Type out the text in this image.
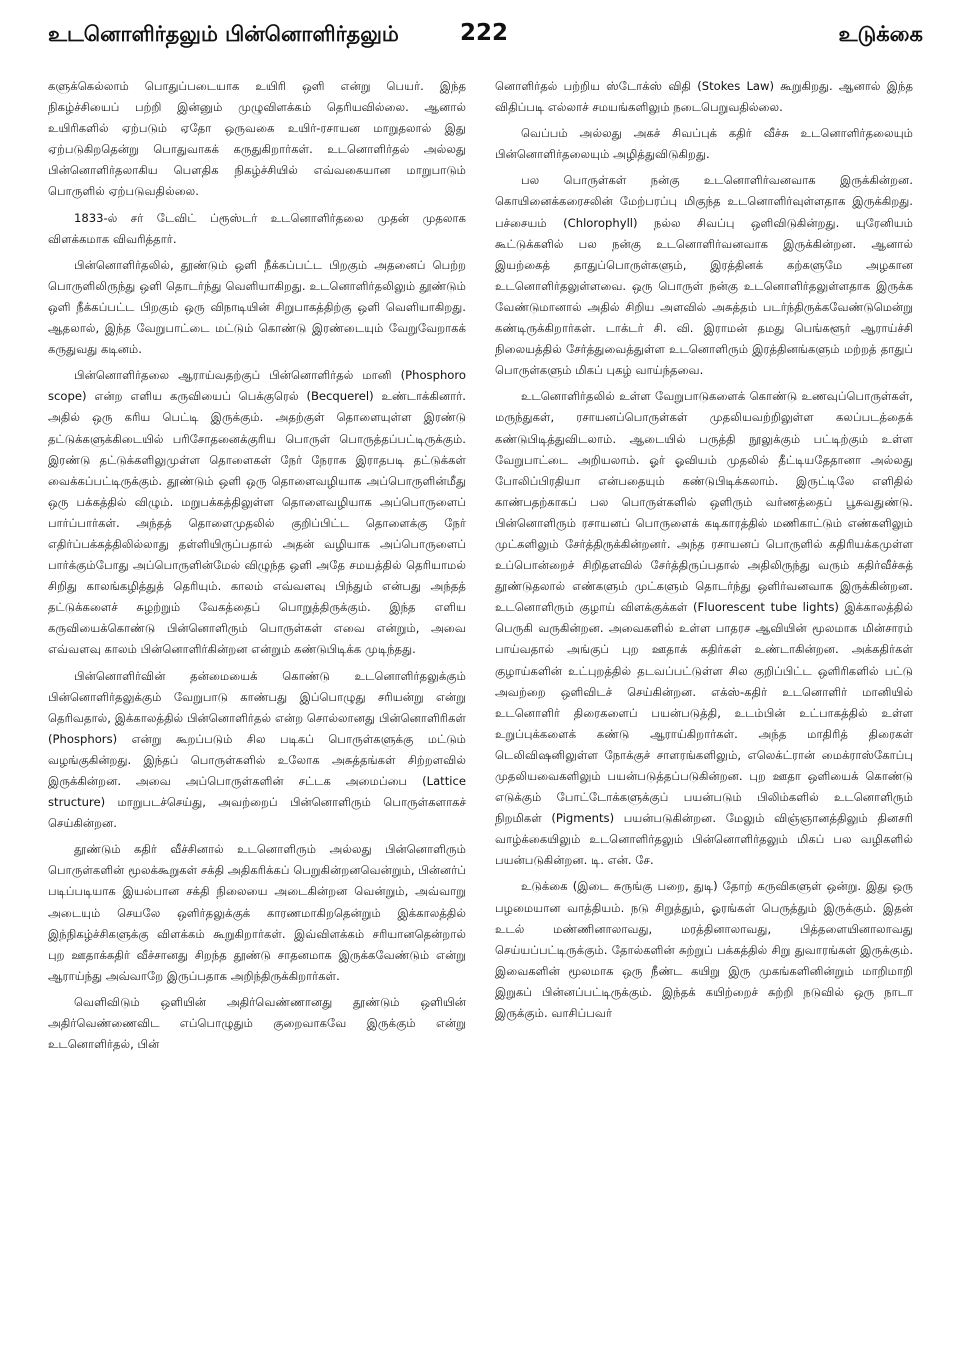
உடனொளிர்தலும் பின்னொளிர்தலும்	222	உடுக்கை

களுக்கெல்லாம் பொதுப்படையாக உயிரி ஒளி என்று பெயர். இந்த நிகழ்ச்சியைப் பற்றி இன்னும் முழுவிளக்கம் தெரியவில்லை. ஆனால் உயிரிகளில் ஏற்படும் ஏதோ ஒருவகை உயிர்-ரசாயன மாறுதலால் இது ஏற்படுகிறதென்று பொதுவாகக் கருதுகிறார்கள். உடனொளிர்தல் அல்லது பின்னொளிர்தலாகிய பௌதிக நிகழ்ச்சியில் எவ்வகையான மாறுபாடும் பொருளில் ஏற்படுவதில்லை.

1833-ல் சர் டேவிட் ப்ரூஸ்டர் உடனொளிர்தலை முதன் முதலாக விளக்கமாக விவரித்தார்.

பின்னொளிர்தலில், தூண்டும் ஒளி நீக்கப்பட்ட பிறகும் அதனைப் பெற்ற பொருளிலிருந்து ஒளி தொடர்ந்து வெளியாகிறது. உடனொளிர்தலிலும் தூண்டும் ஒளி நீக்கப்பட்ட பிறகும் ஒரு விநாடியின் சிறுபாகத்திற்கு ஒளி வெளியாகிறது. ஆதலால், இந்த வேறுபாட்டை மட்டும் கொண்டு இரண்டையும் வேறுவேறாகக் கருதுவது கடினம்.

பின்னொளிர்தலை ஆராய்வதற்குப் பின்னொளிர்தல் மானி (Phosphoro scope) என்ற எளிய கருவியைப் பெக்குரெல் (Becquerel) உண்டாக்கினார். அதில் ஒரு கரிய பெட்டி இருக்கும். அதற்குள் தொளையுள்ள இரண்டு தட்டுக்களுக்கிடையில் பரிசோதனைக்குரிய பொருள் பொருத்தப்பட்டிருக்கும். இரண்டு தட்டுக்களிலுமுள்ள தொளைகள் நேர் நேராக இராதபடி தட்டுக்கள் வைக்கப்பட்டிருக்கும். தூண்டும் ஒளி ஒரு தொளைவழியாக அப்பொருளின்மீது ஒரு பக்கத்தில் விழும். மறுபக்கத்திலுள்ள தொளைவழியாக அப்பொருளைப் பார்ப்பார்கள். அந்தத் தொளைமுதலில் குறிப்பிட்ட தொளைக்கு நேர் எதிர்ப்பக்கத்திலில்லாது தள்ளியிருப்பதால் அதன் வழியாக அப்பொருளைப் பார்க்கும்போது அப்பொருளின்மேல் விழுந்த ஒளி அதே சமயத்தில் தெரியாமல் சிறிது காலங்கழித்துத் தெரியும். காலம் எவ்வளவு பிந்தும் என்பது அந்தத் தட்டுக்களைச் சுழற்றும் வேகத்தைப் பொறுத்திருக்கும். இந்த எளிய கருவியைக்கொண்டு பின்னொளிரும் பொருள்கள் எவை என்றும், அவை எவ்வளவு காலம் பின்னொளிர்கின்றன என்றும் கண்டுபிடிக்க முடிந்தது.

பின்னொளிர்வின் தன்மையைக் கொண்டு உடனொளிர்தலுக்கும் பின்னொளிர்தலுக்கும் வேறுபாடு காண்பது இப்பொழுது சரியன்று என்று தெரிவதால், இக்காலத்தில் பின்னொளிர்தல் என்ற சொல்லானது பின்னொளிரிகள் (Phosphors) என்று கூறப்படும் சில படிகப் பொருள்களுக்கு மட்டும் வழங்குகின்றது. இந்தப் பொருள்களில் உலோக அசுத்தங்கள் சிற்றளவில் இருக்கின்றன. அவை அப்பொருள்களின் சட்டக அமைப்பை (Lattice structure) மாறுபடச்செய்து, அவற்றைப் பின்னொளிரும் பொருள்களாகச் செய்கின்றன.

தூண்டும் கதிர் வீச்சினால் உடனொளிரும் அல்லது பின்னொளிரும் பொருள்களின் மூலக்கூறுகள் சக்தி அதிகரிக்கப் பெறுகின்றனவென்றும், பின்னர்ப் படிப்படியாக இயல்பான சக்தி நிலையை அடைகின்றன வென்றும், அவ்வாறு அடையும் செயலே ஒளிர்தலுக்குக் காரணமாகிறதென்றும் இக்காலத்தில் இந்நிகழ்ச்சிகளுக்கு விளக்கம் கூறுகிறார்கள். இவ்விளக்கம் சரியானதென்றால் புற ஊதாக்கதிர் வீச்சானது சிறந்த தூண்டு சாதனமாக இருக்கவேண்டும் என்று ஆராய்ந்து அவ்வாறே இருப்பதாக அறிந்திருக்கிறார்கள்.

வெளிவிடும் ஒளியின் அதிர்வெண்ணானது தூண்டும் ஒளியின் அதிர்வெண்ணைவிட எப்பொழுதும் குறைவாகவே இருக்கும் என்று உடனொளிர்தல், பின்

னொளிர்தல் பற்றிய ஸ்டோக்ஸ் விதி (Stokes Law) கூறுகிறது. ஆனால் இந்த விதிப்படி எல்லாச் சமயங்களிலும் நடைபெறுவதில்லை.

வெப்பம் அல்லது அகச் சிவப்புக் கதிர் வீச்சு உடனொளிர்தலையும் பின்னொளிர்தலையும் அழித்துவிடுகிறது.

பல பொருள்கள் நன்கு உடனொளிர்வனவாக இருக்கின்றன. கொயினைக்கரைசலின் மேற்பரப்பு மிகுந்த உடனொளிர்வுள்ளதாக இருக்கிறது. பச்சையம் (Chlorophyll) நல்ல சிவப்பு ஒளிவிடுகின்றது. யுரேனியம் கூட்டுக்களில் பல நன்கு உடனொளிர்வனவாக இருக்கின்றன. ஆனால் இயற்கைத் தாதுப்பொருள்களும், இரத்தினக் கற்களுமே அழகான உடனொளிர்தலுள்ளவை. ஒரு பொருள் நன்கு உடனொளிர்தலுள்ளதாக இருக்க வேண்டுமானால் அதில் சிறிய அளவில் அசுத்தம் படர்ந்திருக்கவேண்டுமென்று கண்டிருக்கிறார்கள். டாக்டர் சி. வி. இராமன் தமது பெங்களூர் ஆராய்ச்சி நிலையத்தில் சேர்த்துவைத்துள்ள உடனொளிரும் இரத்தினங்களும் மற்றத் தாதுப் பொருள்களும் மிகப் புகழ் வாய்ந்தவை.

உடனொளிர்தலில் உள்ள வேறுபாடுகளைக் கொண்டு உணவுப்பொருள்கள், மருந்துகள், ரசாயனப்பொருள்கள் முதலியவற்றிலுள்ள கலப்படத்தைக் கண்டுபிடித்துவிடலாம். ஆடையில் பருத்தி நூலுக்கும் பட்டிற்கும் உள்ள வேறுபாட்டை அறியலாம். ஓர் ஓவியம் முதலில் தீட்டியதேதானா அல்லது போலிப்பிரதியா என்பதையும் கண்டுபிடிக்கலாம். இருட்டிலே எளிதில் காண்பதற்காகப் பல பொருள்களில் ஒளிரும் வர்ணத்தைப் பூசுவதுண்டு. பின்னொளிரும் ரசாயனப் பொருளைக் கடிகாரத்தில் மணிகாட்டும் எண்களிலும் முட்களிலும் சேர்த்திருக்கின்றனர். அந்த ரசாயனப் பொருளில் கதிரியக்கமுள்ள உப்பொன்றைச் சிறிதளவில் சேர்த்திருப்பதால் அதிலிருந்து வரும் கதிர்வீச்சுத் தூண்டுதலால் எண்களும் முட்களும் தொடர்ந்து ஒளிர்வனவாக இருக்கின்றன. உடனொளிரும் குழாய் விளக்குக்கள் (Fluorescent tube lights) இக்காலத்தில் பெருகி வருகின்றன. அவைகளில் உள்ள பாதரச ஆவியின் மூலமாக மின்சாரம் பாய்வதால் அங்குப் புற ஊதாக் கதிர்கள் உண்டாகின்றன. அக்கதிர்கள் குழாய்களின் உட்புறத்தில் தடவப்பட்டுள்ள சில குறிப்பிட்ட ஒளிரிகளில் பட்டு அவற்றை ஒளிவிடச் செய்கின்றன. எக்ஸ்-கதிர் உடனொளிர் மானியில் உடனொளிர் திரைகளைப் பயன்படுத்தி, உடம்பின் உட்பாகத்தில் உள்ள உறுப்புக்களைக் கண்டு ஆராய்கிறார்கள். அந்த மாதிரித் திரைகள் டெலிவிஷனிலுள்ள நோக்குச் சாளரங்களிலும், எலெக்ட்ரான் மைக்ராஸ்கோப்பு முதலியவைகளிலும் பயன்படுத்தப்படுகின்றன. புற ஊதா ஒளியைக் கொண்டு எடுக்கும் போட்டோக்களுக்குப் பயன்படும் பிலிம்களில் உடனொளிரும் நிறமிகள் (Pigments) பயன்படுகின்றன. மேலும் விஞ்ஞானத்திலும் தினசரி வாழ்க்கையிலும் உடனொளிர்தலும் பின்னொளிர்தலும் மிகப் பல வழிகளில் பயன்படுகின்றன. டி. என். சே.

உடுக்கை (இடை சுருங்கு பறை, துடி) தோற் கருவிகளுள் ஒன்று. இது ஒரு பழமையான வாத்தியம். நடு சிறுத்தும், ஓரங்கள் பெருத்தும் இருக்கும். இதன் உடல் மண்ணினாலாவது, மரத்தினாலாவது, பித்தளையினாலாவது செய்யப்பட்டிருக்கும். தோல்களின் சுற்றுப் பக்கத்தில் சிறு துவாரங்கள் இருக்கும். இவைகளின் மூலமாக ஒரு நீண்ட கயிறு இரு முகங்களினின்றும் மாறிமாறி இறுகப் பின்னப்பட்டிருக்கும். இந்தக் கயிற்றைச் சுற்றி நடுவில் ஒரு நாடா இருக்கும். வாசிப்பவர்
